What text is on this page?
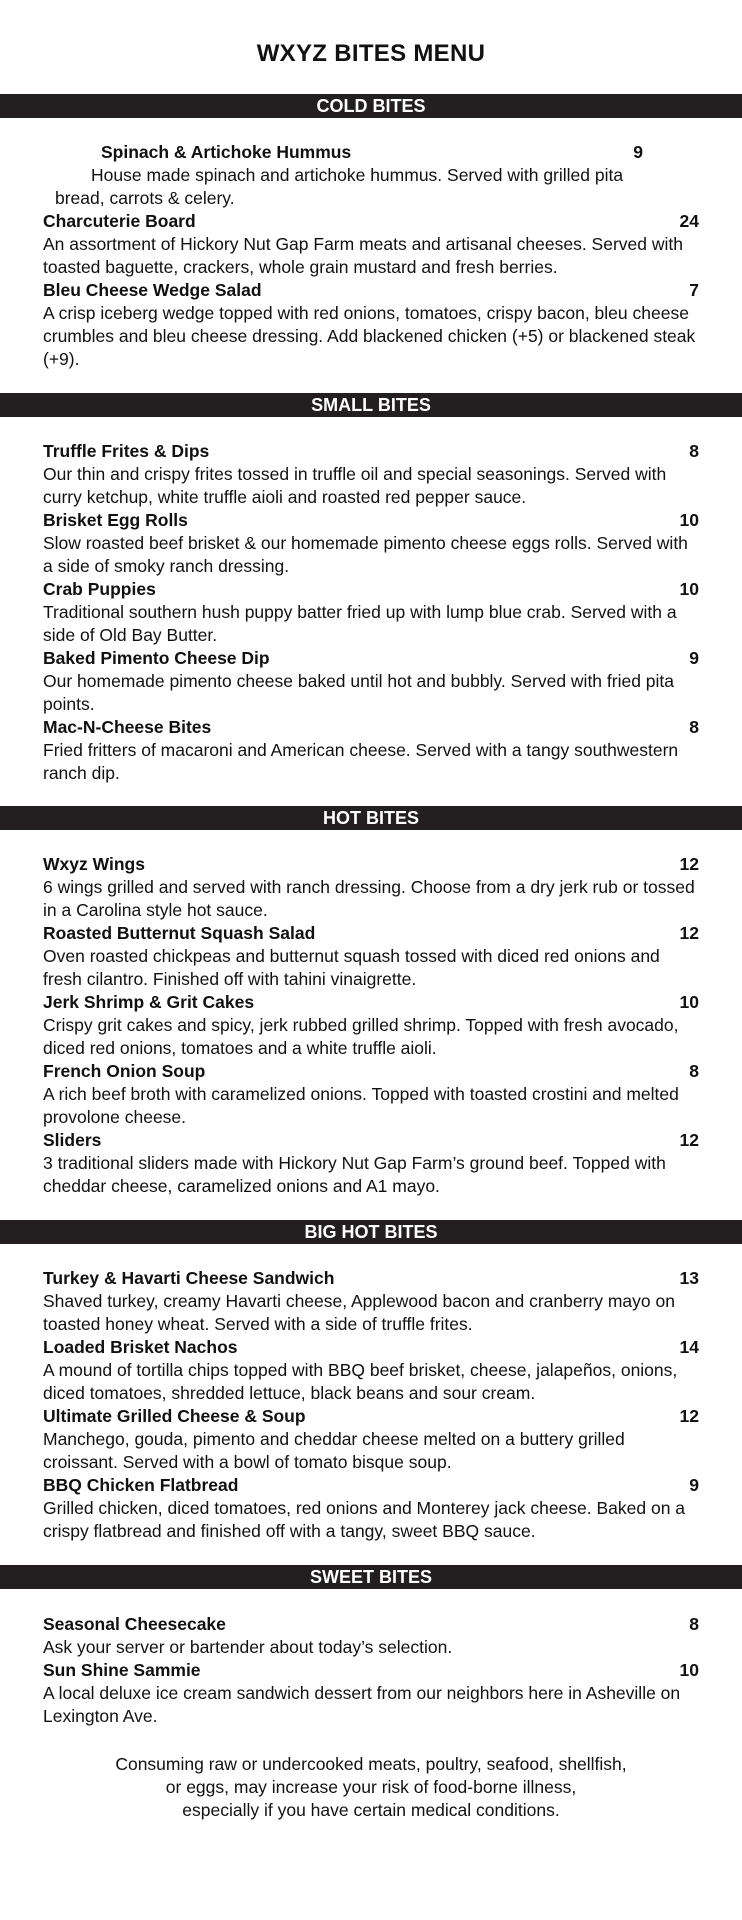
WXYZ BITES MENU
COLD BITES
Spinach & Artichoke Hummus	9

House made spinach and artichoke hummus. Served with grilled pita bread, carrots & celery.

Charcuterie Board	24

An assortment of Hickory Nut Gap Farm meats and artisanal cheeses. Served with toasted baguette, crackers, whole grain mustard and fresh berries.

Bleu Cheese Wedge Salad	7

A crisp iceberg wedge topped with red onions, tomatoes, crispy bacon, bleu cheese crumbles and bleu cheese dressing. Add blackened chicken (+5) or blackened steak (+9).

SMALL BITES
Truffle Frites & Dips	8

Our thin and crispy frites tossed in truffle oil and special seasonings. Served with curry ketchup, white truffle aioli and roasted red pepper sauce.

Brisket Egg Rolls	10

Slow roasted beef brisket & our homemade pimento cheese eggs rolls. Served with a side of smoky ranch dressing.

Crab Puppies	10

Traditional southern hush puppy batter fried up with lump blue crab. Served with a side of Old Bay Butter.

Baked Pimento Cheese Dip	9

Our homemade pimento cheese baked until hot and bubbly. Served with fried pita points.

Mac-N-Cheese Bites	8

Fried fritters of macaroni and American cheese. Served with a tangy southwestern ranch dip.

HOT BITES
Wxyz Wings	12

6 wings grilled and served with ranch dressing. Choose from a dry jerk rub or tossed in a Carolina style hot sauce.

Roasted Butternut Squash Salad	12

Oven roasted chickpeas and butternut squash tossed with diced red onions and fresh cilantro. Finished off with tahini vinaigrette.

Jerk Shrimp & Grit Cakes	10

Crispy grit cakes and spicy, jerk rubbed grilled shrimp. Topped with fresh avocado, diced red onions, tomatoes and a white truffle aioli.

French Onion Soup	8

A rich beef broth with caramelized onions. Topped with toasted crostini and melted provolone cheese.

Sliders	12

3 traditional sliders made with Hickory Nut Gap Farm’s ground beef. Topped with cheddar cheese, caramelized onions and A1 mayo.

BIG HOT BITES
Turkey & Havarti Cheese Sandwich	13

Shaved turkey, creamy Havarti cheese, Applewood bacon and cranberry mayo on toasted honey wheat. Served with a side of truffle frites.

Loaded Brisket Nachos	14

A mound of tortilla chips topped with BBQ beef brisket, cheese, jalapeños, onions, diced tomatoes, shredded lettuce, black beans and sour cream.

Ultimate Grilled Cheese & Soup	12

Manchego, gouda, pimento and cheddar cheese melted on a buttery grilled croissant. Served with a bowl of tomato bisque soup.

BBQ Chicken Flatbread	9

Grilled chicken, diced tomatoes, red onions and Monterey jack cheese. Baked on a crispy flatbread and finished off with a tangy, sweet BBQ sauce.

SWEET BITES
Seasonal Cheesecake	8

Ask your server or bartender about today’s selection.

Sun Shine Sammie	10

A local deluxe ice cream sandwich dessert from our neighbors here in Asheville on Lexington Ave.

Consuming raw or undercooked meats, poultry, seafood, shellfish,
or eggs, may increase your risk of food-borne illness,
especially if you have certain medical conditions.
